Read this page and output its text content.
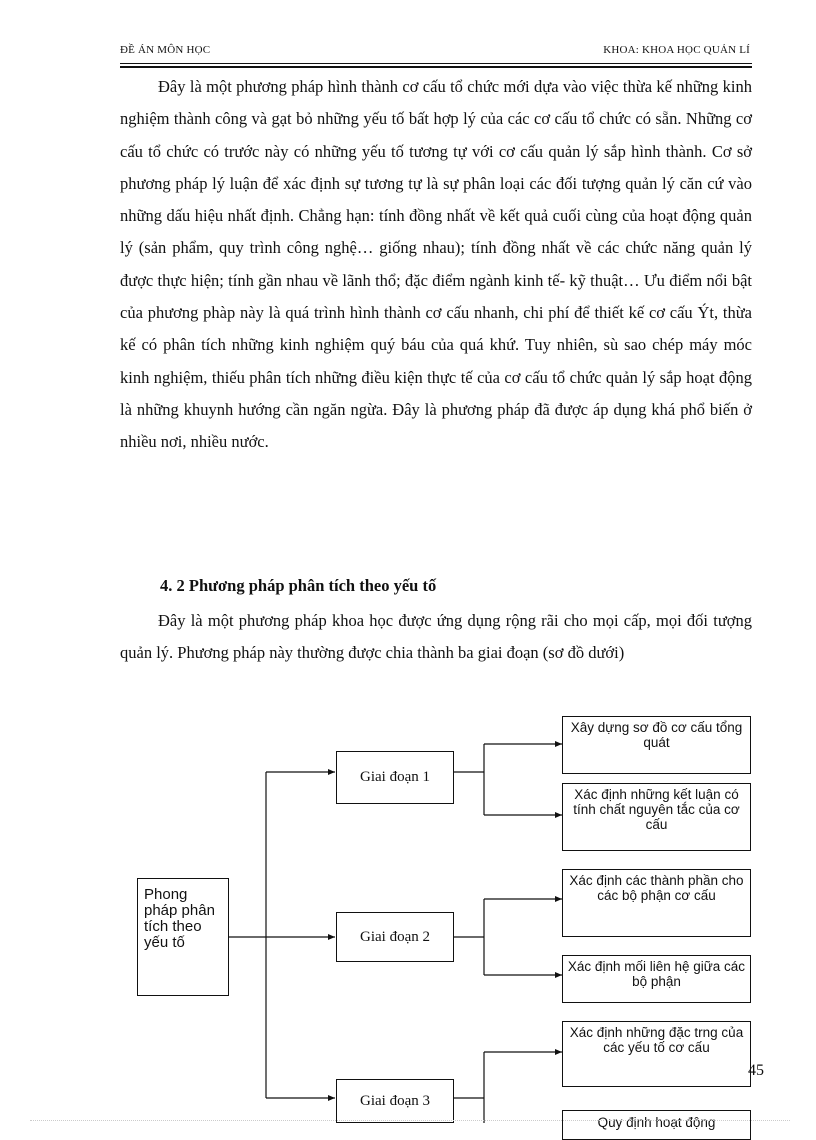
ĐỀ ÁN MÔN HỌC	KHOA: KHOA HỌC QUẢN LÍ

Đây là một phương pháp hình thành cơ cấu tổ chức mới dựa vào việc thừa kế những kinh nghiệm thành công và gạt bỏ những yếu tố bất hợp lý của các cơ cấu tổ chức có sẵn. Những cơ cấu tổ chức có trước này có những yếu tố tương tự với cơ cấu quản lý sắp hình thành. Cơ sở phương pháp lý luận để xác định sự tương tự là sự phân loại các đối tượng quản lý căn cứ vào những dấu hiệu nhất định. Chẳng hạn: tính đồng nhất về kết quả cuối cùng của hoạt động quản lý (sản phẩm, quy trình công nghệ… giống nhau); tính đồng nhất về các chức năng quản lý được thực hiện; tính gần nhau về lãnh thổ; đặc điểm ngành kinh tế- kỹ thuật… Ưu điểm nổi bật của phương phàp này là quá trình hình thành cơ cấu nhanh, chi phí để thiết kế cơ cấu Ýt, thừa kế có phân tích những kinh nghiệm quý báu của quá khứ. Tuy nhiên, sù sao chép máy móc kinh nghiệm, thiếu phân tích những điều kiện thực tế của cơ cấu tổ chức quản lý sắp hoạt động là những khuynh hướng cần ngăn ngừa. Đây là phương pháp đã được áp dụng khá phổ biến ở nhiều nơi, nhiều nước.

4. 2 Phương pháp phân tích theo yếu tố

Đây là một phương pháp khoa học được ứng dụng rộng rãi cho mọi cấp, mọi đối tượng quản lý. Phương pháp này thường được chia thành ba giai đoạn (sơ đồ dưới)

Phong pháp phân tích theo yếu tố
Giai đoạn 1
Giai đoạn 2
Giai đoạn 3
Xây dựng sơ đồ cơ cấu tổng quát
Xác định những kết luận có tính chất nguyên tắc của cơ cấu
Xác định các thành phần cho các bộ phận cơ cấu
Xác định mối liên hệ giữa các bộ phận
Xác định những đặc trng của các yếu tố cơ cấu
Quy định hoạt động
45
